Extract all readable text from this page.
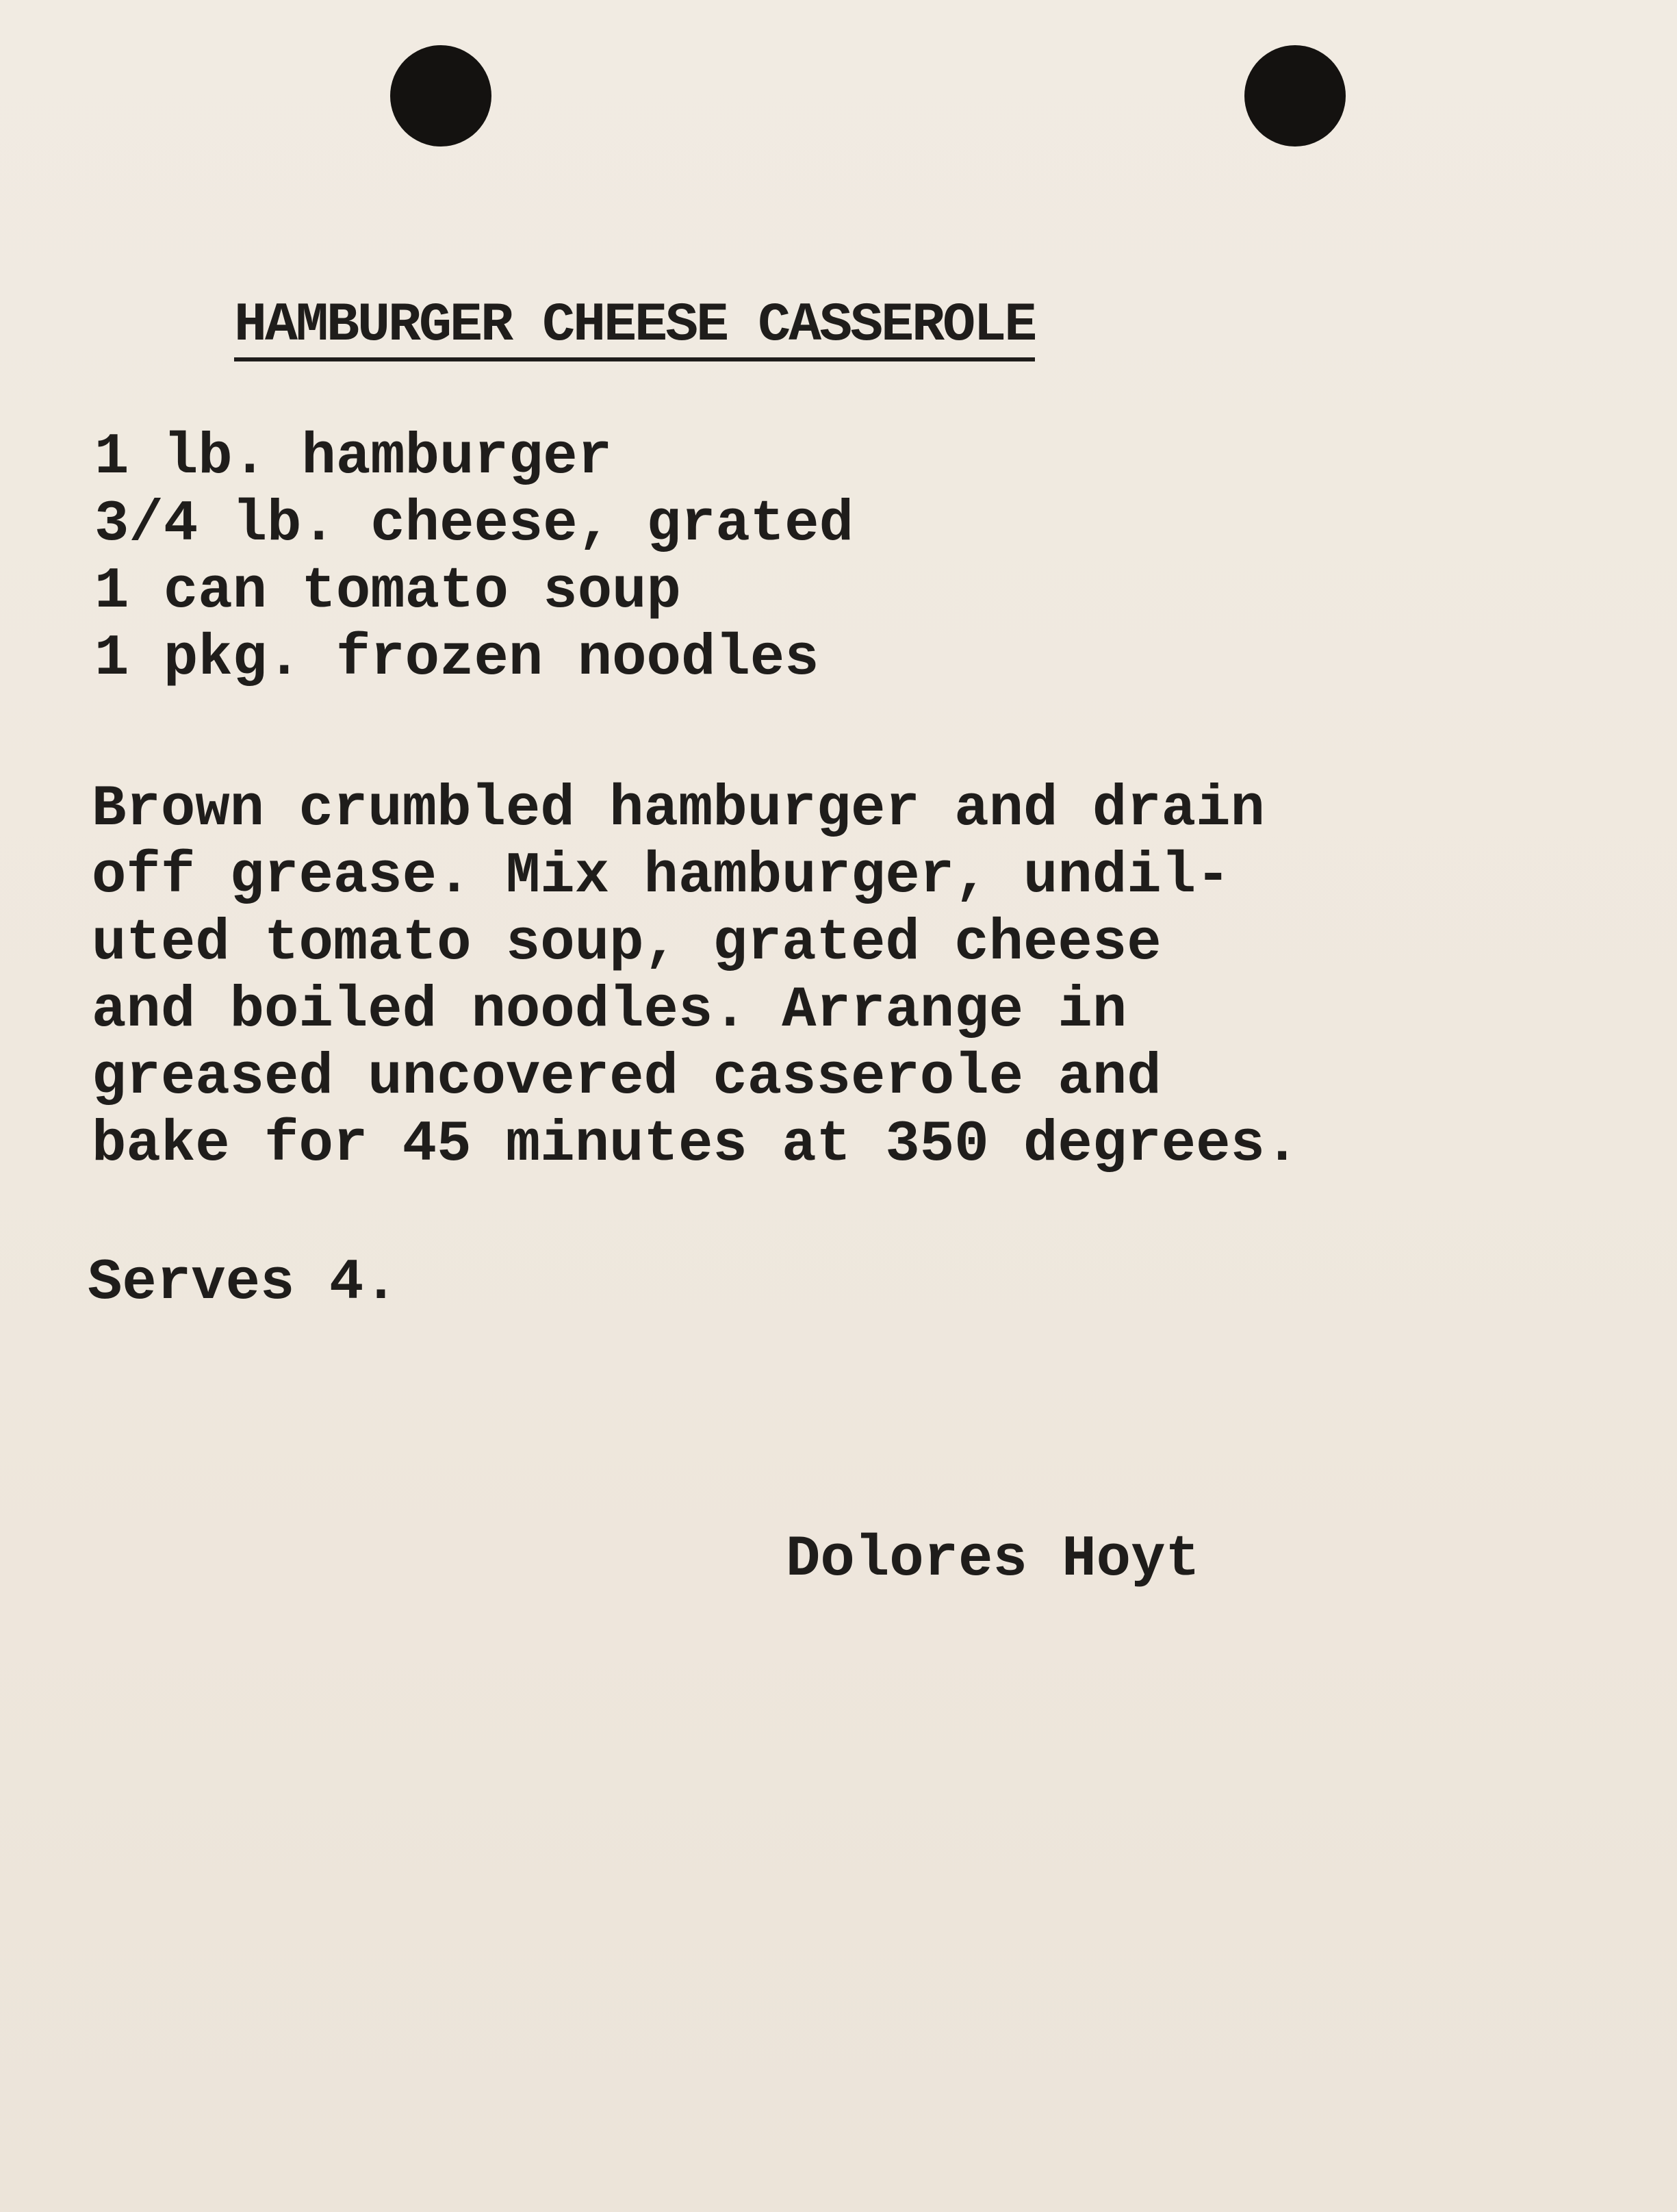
HAMBURGER CHEESE CASSEROLE
1 lb. hamburger
3/4 lb. cheese, grated
1 can tomato soup
1 pkg. frozen noodles
Brown crumbled hamburger and drain
off grease. Mix hamburger, undil-
uted tomato soup, grated cheese
and boiled noodles. Arrange in
greased uncovered casserole and
bake for 45 minutes at 350 degrees.
Serves 4.
Dolores Hoyt
